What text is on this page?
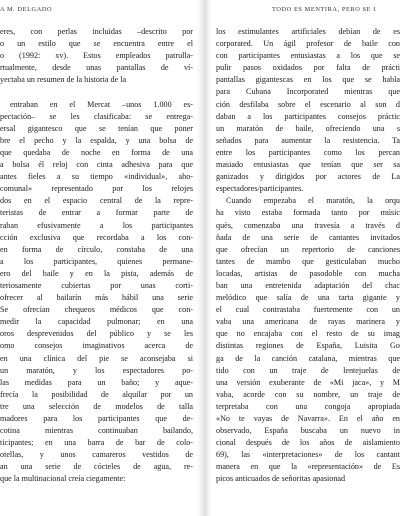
A M. DELGADO	TODO ES MENTIRA, PERO SE I
eres, con perlas incluidas –descrito por
o un estilo que se encuentra entre el
o (1992: xv). Estos empleados patrulla-
rtualmente, desde unas pantallas de ví-
yectaba un resumen de la historia de la
entraban en el Mercat –unos 1.000 es-
pectación– se les clasificaba: se entrega-
ersal gigantesco que se tenían que poner
bre el pecho y la espalda, y una bolsa de
que quedaba de noche en forma de una
a bolsa él reloj con cinta adhesiva para que
antes fieles a su tiempo «individual», aho-
comunal» representado por los relojes
dos en el espacio central de la repre-
teristas de entrar a formar parte de
raban efusivamente a los participantes
cción exclusiva que recordaba a los con-
en forma de círculo, constaba de una
a los participantes, quienes permane-
ero del baile y en la pista, además de
teriosamente cubiertas por unas corti-
ofrecer al bailarín más hábil una serie
Se ofrecían chequeos médicos que con-
medir la capacidad pulmonar; en una
oros desprevenidos del público y se les
omo consejos imaginativos acerca de
en una clínica del pie se aconsejaba si
un maratón, y los espectadores po-
las medidas para un baño; y aque-
frecía la posibilidad de alquilar por un
tre una selección de modelos de talla
madores para los participantes que de-
cotina mientras continuaban bailando,
ticipantes; en una barra de bar de colo-
otellas, y unos camareros vestidos de
an una serie de cócteles de agua, re-
que la multinacional creía ciegamente:
los estimulantes artificiales debían de es
corporated. Un ágil profesor de baile con
con participantes entusiastas a los que se
pulir pasos oxidados por falta de prácti
pantallas gigantescas en los que se habla
para Cubana Incorporated mientras que
ción desfilaba sobre el escenario al son d
daban a los participantes consejos práctic
un maratón de baile, ofreciendo una s
señados para aumentar la resistencia. Ta
entre los participantes como los percan
masiado entusiastas que tenían que ser sa
ganizados y dirigidos por actores de La
espectadores/participantes.
Cuando empezaba el maratón, la orqu
ha visto estaba formada tanto por músic
quès, comenzaba una travesía a través d
ñada de una serie de cantantes invitados
que ofrecían un repertorio de canciones
tantes de mambo que gesticulaban mucho
locadas, artistas de pasodoble con mucha
ban una entretenida adaptación del chac
melódico que salía de una tarta gigante y
el cual contrastaba fuertemente con un
vaba una americana de rayas marinera y
que no encajaba con el resto de su imag
distintas regiones de España, Luisita Go
ga de la canción catalana, mientras que
tido con un traje de lentejuelas de
una versión exuberante de «Mi jaca», y M
vaba, acorde con su nombre, un traje de
terpretaba con una congoja apropiada
«No te vayas de Navarra». En el año en
observado, España buscaba un nuevo in
cional después de los años de aislamiento
69), las «interpretaciones» de los cantant
manera en que la «representación» de Es
picos anticuados de señoritas apasionad
